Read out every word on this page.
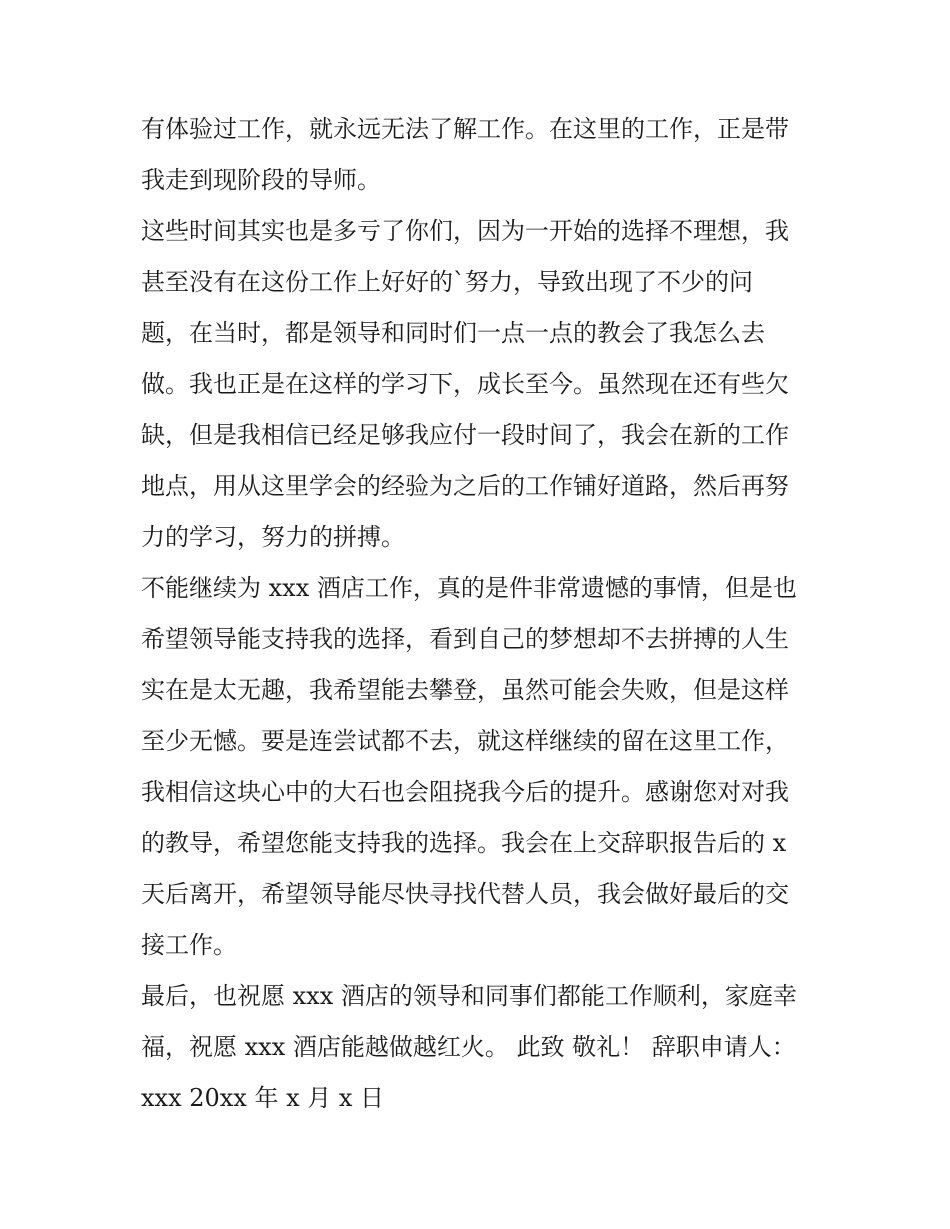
有体验过工作，就永远无法了解工作。在这里的工作，正是带
我走到现阶段的导师。
这些时间其实也是多亏了你们，因为一开始的选择不理想，我
甚至没有在这份工作上好好的`努力，导致出现了不少的问
题，在当时，都是领导和同时们一点一点的教会了我怎么去
做。我也正是在这样的学习下，成长至今。虽然现在还有些欠
缺，但是我相信已经足够我应付一段时间了，我会在新的工作
地点，用从这里学会的经验为之后的工作铺好道路，然后再努
力的学习，努力的拼搏。
不能继续为 xxx 酒店工作，真的是件非常遗憾的事情，但是也
希望领导能支持我的选择，看到自己的梦想却不去拼搏的人生
实在是太无趣，我希望能去攀登，虽然可能会失败，但是这样
至少无憾。要是连尝试都不去，就这样继续的留在这里工作，
我相信这块心中的大石也会阻挠我今后的提升。感谢您对对我
的教导，希望您能支持我的选择。我会在上交辞职报告后的 x
天后离开，希望领导能尽快寻找代替人员，我会做好最后的交
接工作。
最后，也祝愿 xxx 酒店的领导和同事们都能工作顺利，家庭幸
福，祝愿 xxx 酒店能越做越红火。 此致 敬礼！ 辞职申请人：
xxx 20xx 年 x 月 x 日
